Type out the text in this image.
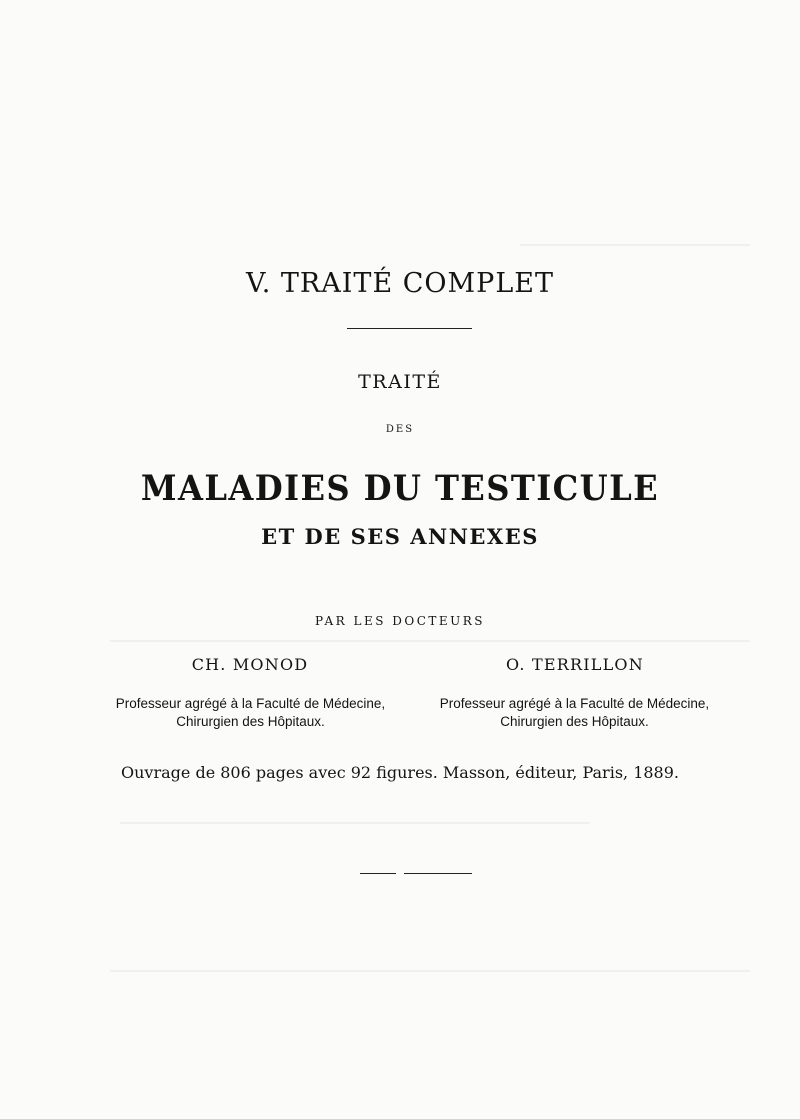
V. TRAITÉ COMPLET
TRAITÉ
DES
MALADIES DU TESTICULE
ET DE SES ANNEXES
PAR LES DOCTEURS
CH. MONOD	O. TERRILLON
Professeur agrégé à la Faculté de Médecine,
Chirurgien des Hôpitaux.
Professeur agrégé à la Faculté de Médecine,
Chirurgien des Hôpitaux.
Ouvrage de 806 pages avec 92 figures. Masson, éditeur, Paris, 1889.
